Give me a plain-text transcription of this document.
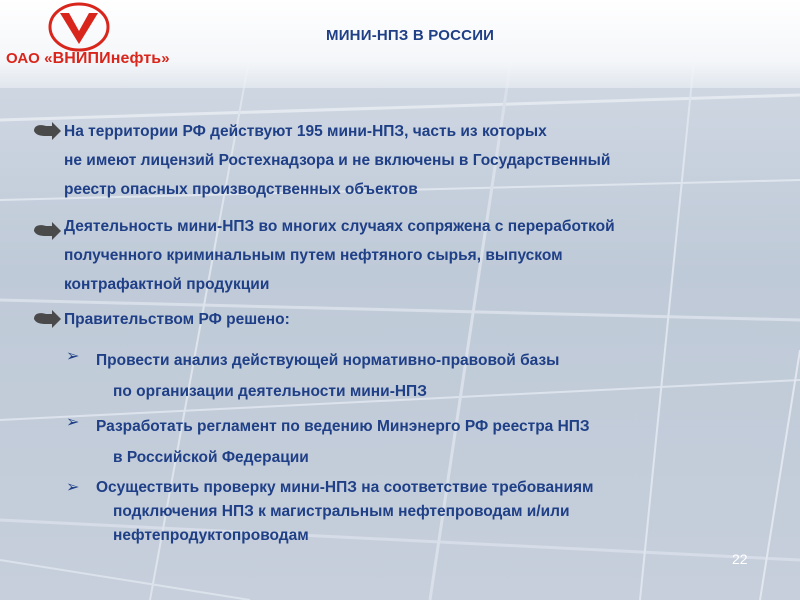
ОАО «ВНИПИнефть»
МИНИ-НПЗ В РОССИИ
На территории РФ действуют 195 мини-НПЗ, часть из которых
не имеют лицензий Ростехнадзора и не включены в Государственный
реестр опасных производственных объектов
Деятельность мини-НПЗ во многих случаях сопряжена с переработкой
полученного криминальным путем нефтяного сырья, выпуском
контрафактной продукции
Правительством РФ решено:
➢ Провести анализ действующей нормативно-правовой базы
по организации деятельности мини-НПЗ
➢ Разработать регламент по ведению Минэнерго РФ реестра НПЗ
в Российской Федерации
➢ Осуществить проверку мини-НПЗ на соответствие требованиям
подключения НПЗ к магистральным нефтепроводам и/или
нефтепродуктопроводам
22
